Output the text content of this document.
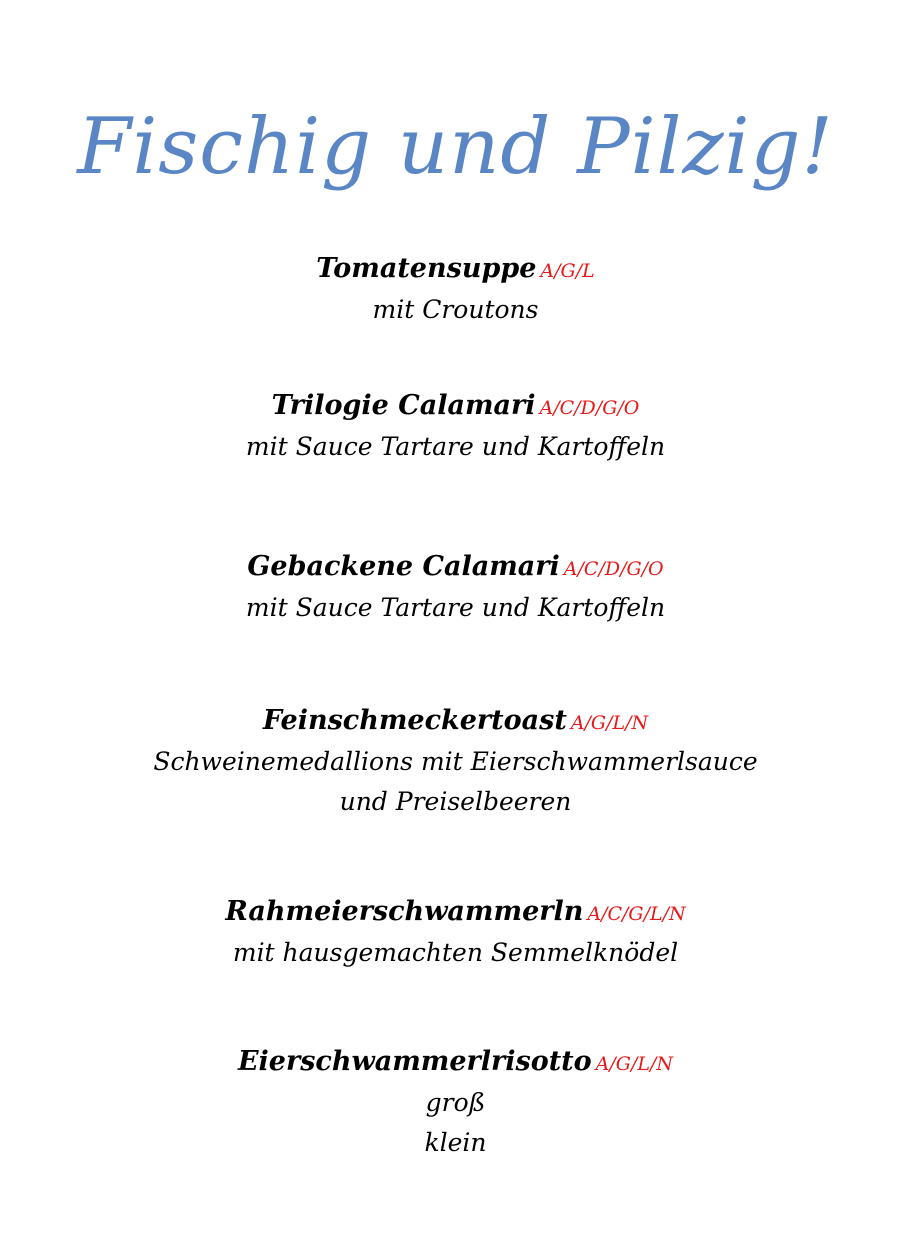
Fischig und Pilzig!
Tomatensuppe A/G/L
mit Croutons
Trilogie Calamari A/C/D/G/O
mit Sauce Tartare und Kartoffeln
Gebackene Calamari A/C/D/G/O
mit Sauce Tartare und Kartoffeln
Feinschmeckertoast A/G/L/N
Schweinemedallions mit Eierschwammerlsauce
und Preiselbeeren
Rahmeierschwammerln A/C/G/L/N
mit hausgemachten Semmelknödel
Eierschwammerlrisotto A/G/L/N
groß
klein
